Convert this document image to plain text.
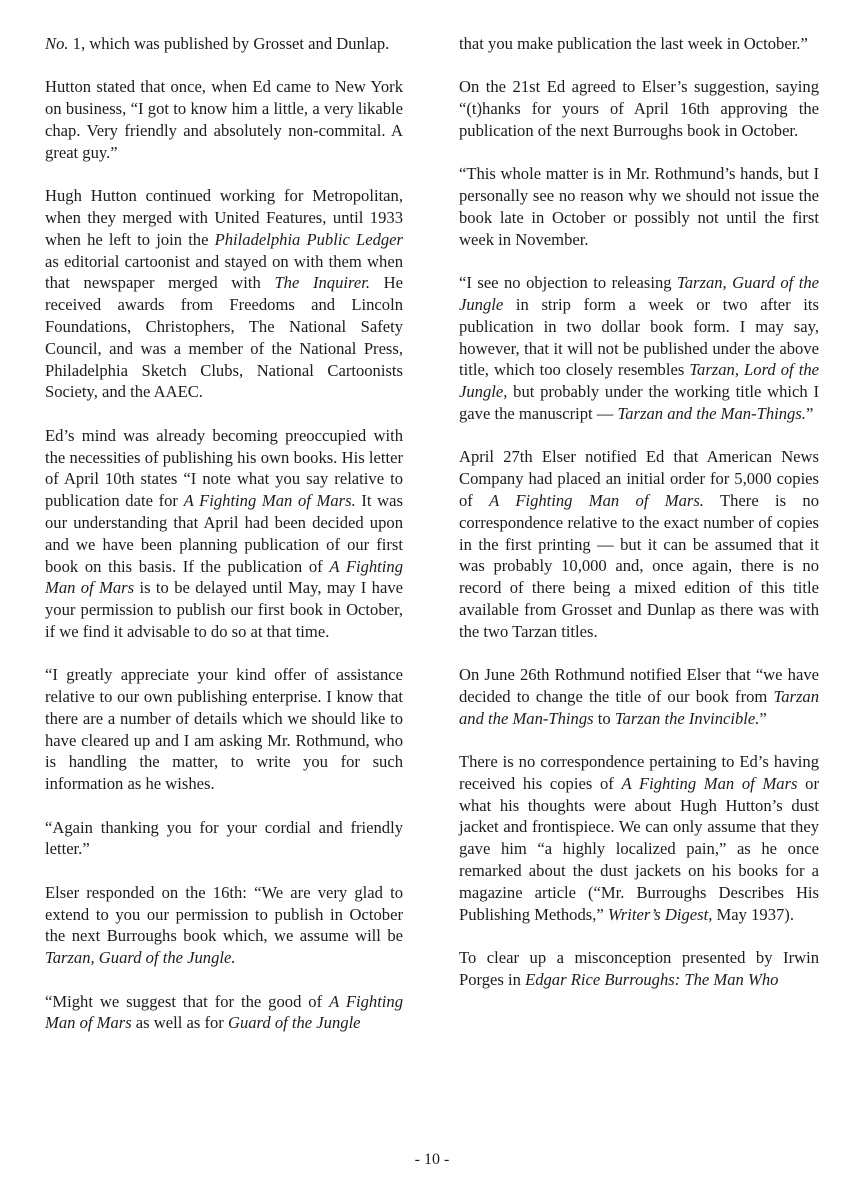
No. 1, which was published by Grosset and Dunlap.

Hutton stated that once, when Ed came to New York on business, “I got to know him a little, a very likable chap. Very friendly and absolutely non-commital. A great guy.”

Hugh Hutton continued working for Metropolitan, when they merged with United Features, until 1933 when he left to join the Philadelphia Public Ledger as editorial cartoonist and stayed on with them when that newspaper merged with The Inquirer. He received awards from Freedoms and Lincoln Foundations, Christophers, The National Safety Council, and was a member of the National Press, Philadelphia Sketch Clubs, National Cartoonists Society, and the AAEC.

Ed’s mind was already becoming preoccupied with the necessities of publishing his own books. His letter of April 10th states “I note what you say relative to publication date for A Fighting Man of Mars. It was our understanding that April had been decided upon and we have been planning publication of our first book on this basis. If the publication of A Fighting Man of Mars is to be delayed until May, may I have your permission to publish our first book in October, if we find it advisable to do so at that time.

“I greatly appreciate your kind offer of assistance relative to our own publishing enterprise. I know that there are a number of details which we should like to have cleared up and I am asking Mr. Rothmund, who is handling the matter, to write you for such information as he wishes.

“Again thanking you for your cordial and friendly letter.”

Elser responded on the 16th: “We are very glad to extend to you our permission to publish in October the next Burroughs book which, we assume will be Tarzan, Guard of the Jungle.

“Might we suggest that for the good of A Fighting Man of Mars as well as for Guard of the Jungle

that you make publication the last week in October.”

On the 21st Ed agreed to Elser’s suggestion, saying “(t)hanks for yours of April 16th approving the publication of the next Burroughs book in October.

“This whole matter is in Mr. Rothmund’s hands, but I personally see no reason why we should not issue the book late in October or possibly not until the first week in November.

“I see no objection to releasing Tarzan, Guard of the Jungle in strip form a week or two after its publication in two dollar book form. I may say, however, that it will not be published under the above title, which too closely resembles Tarzan, Lord of the Jungle, but probably under the working title which I gave the manuscript — Tarzan and the Man-Things.”

April 27th Elser notified Ed that American News Company had placed an initial order for 5,000 copies of A Fighting Man of Mars. There is no correspondence relative to the exact number of copies in the first printing — but it can be assumed that it was probably 10,000 and, once again, there is no record of there being a mixed edition of this title available from Grosset and Dunlap as there was with the two Tarzan titles.

On June 26th Rothmund notified Elser that “we have decided to change the title of our book from Tarzan and the Man-Things to Tarzan the Invincible.”

There is no correspondence pertaining to Ed’s having received his copies of A Fighting Man of Mars or what his thoughts were about Hugh Hutton’s dust jacket and frontispiece. We can only assume that they gave him “a highly localized pain,” as he once remarked about the dust jackets on his books for a magazine article (“Mr. Burroughs Describes His Publishing Methods,” Writer’s Digest, May 1937).

To clear up a misconception presented by Irwin Porges in Edgar Rice Burroughs: The Man Who

- 10 -
